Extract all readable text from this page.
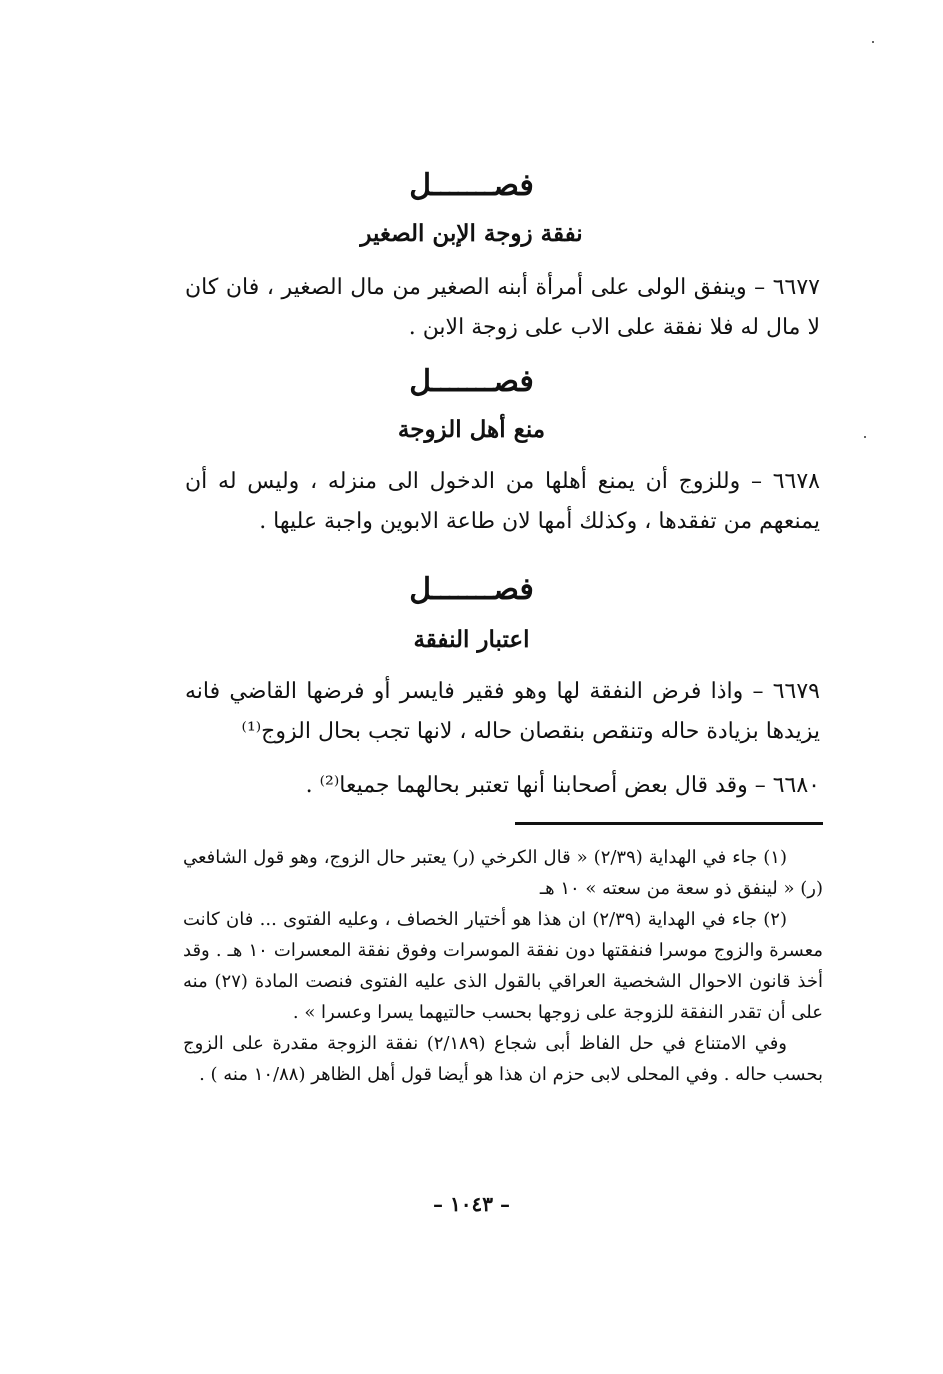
فصـــــــل
نفقة زوجة الإبن الصغير
٦٦٧٧ – وينفق الولى على أمرأة أبنه الصغير من مال الصغير ، فان كان لا مال له فلا نفقة على الاب على زوجة الابن .
فصـــــــل
منع أهل الزوجة
٦٦٧٨ – وللزوج أن يمنع أهلها من الدخول الى منزله ، وليس له أن يمنعهم من تفقدها ، وكذلك أمها لان طاعة الابوين واجبة عليها .
فصـــــــل
اعتبار النفقة
٦٦٧٩ – واذا فرض النفقة لها وهو فقير فايسر أو فرضها القاضي فانه يزيدها بزيادة حاله وتنقص بنقصان حاله ، لانها تجب بحال الزوج⁽¹⁾
٦٦٨٠ – وقد قال بعض أصحابنا أنها تعتبر بحالهما جميعا⁽²⁾ .

(١) جاء في الهداية (٢/٣٩) « قال الكرخي (ر) يعتبر حال الزوج، وهو قول الشافعي (ر) « لينفق ذو سعة من سعته » ١٠ هـ

(٢) جاء في الهداية (٢/٣٩) ان هذا هو أختيار الخصاف ، وعليه الفتوى ... فان كانت معسرة والزوج موسرا فنفقتها دون نفقة الموسرات وفوق نفقة المعسرات ١٠ هـ . وقد أخذ قانون الاحوال الشخصية العراقي بالقول الذى عليه الفتوى فنصت المادة (٢٧) منه على أن تقدر النفقة للزوجة على زوجها بحسب حالتيهما يسرا وعسرا » .

وفي الامتناع في حل الفاظ أبى شجاع (٢/١٨٩) نفقة الزوجة مقدرة على الزوج بحسب حاله . وفي المحلى لابى حزم ان هذا هو أيضا قول أهل الظاهر (١٠/٨٨ منه ) .

– ١٠٤٣ –
